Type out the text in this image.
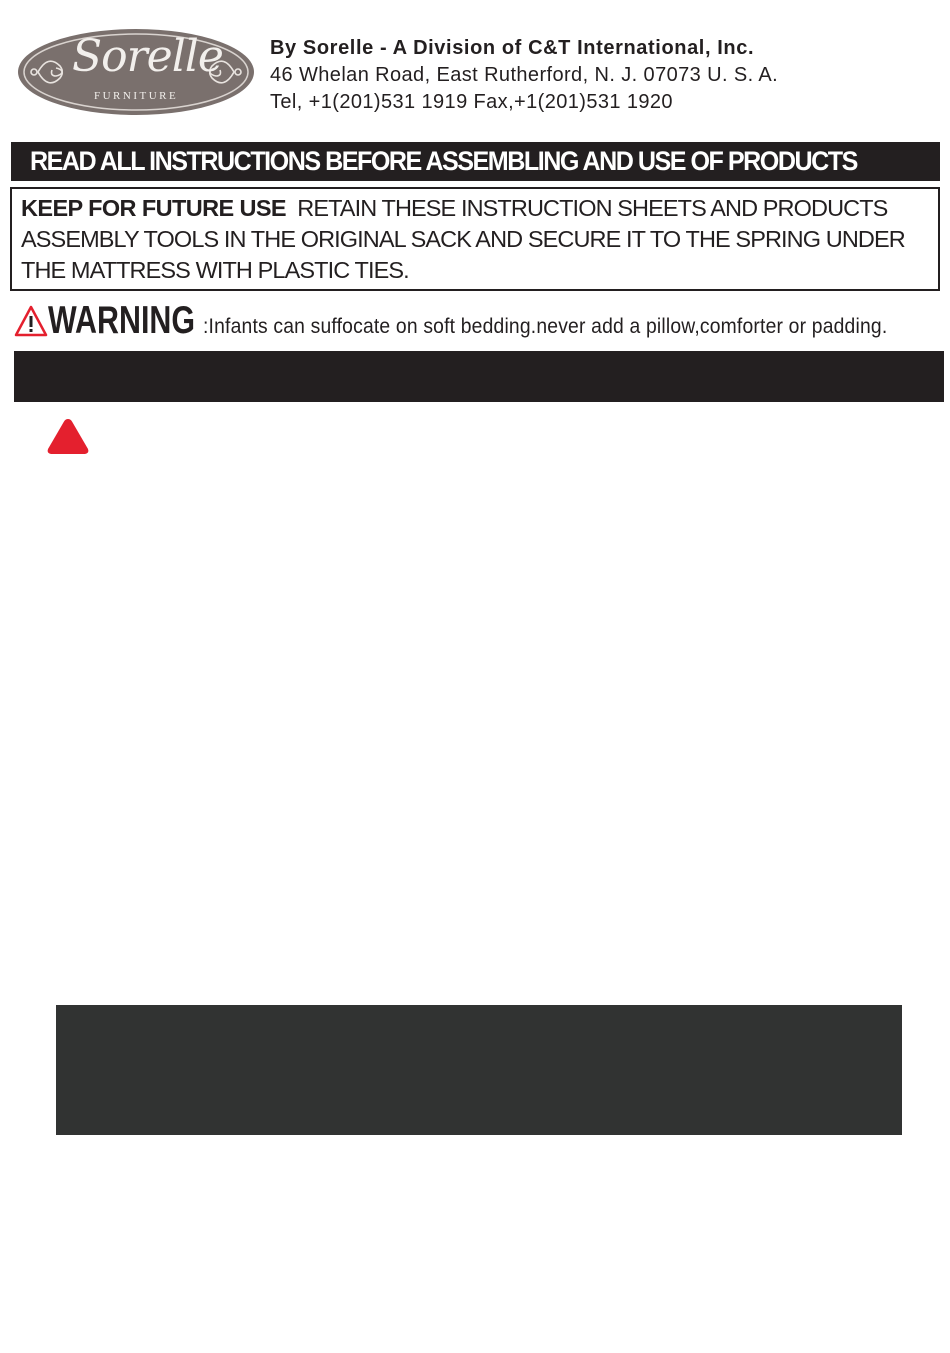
Sorelle
FURNITURE
By Sorelle - A Division of C&T International, Inc.
46 Whelan Road, East Rutherford, N. J. 07073 U. S. A.
Tel, +1(201)531 1919 Fax,+1(201)531 1920
READ ALL INSTRUCTIONS BEFORE ASSEMBLING AND USE OF PRODUCTS

KEEP FOR FUTURE USE RETAIN THESE INSTRUCTION SHEETS AND PRODUCTS ASSEMBLY TOOLS IN THE ORIGINAL SACK AND SECURE IT TO THE SPRING UNDER THE MATTRESS WITH PLASTIC TIES.

WARNING :Infants can suffocate on soft bedding.never add a pillow,comforter or padding.
